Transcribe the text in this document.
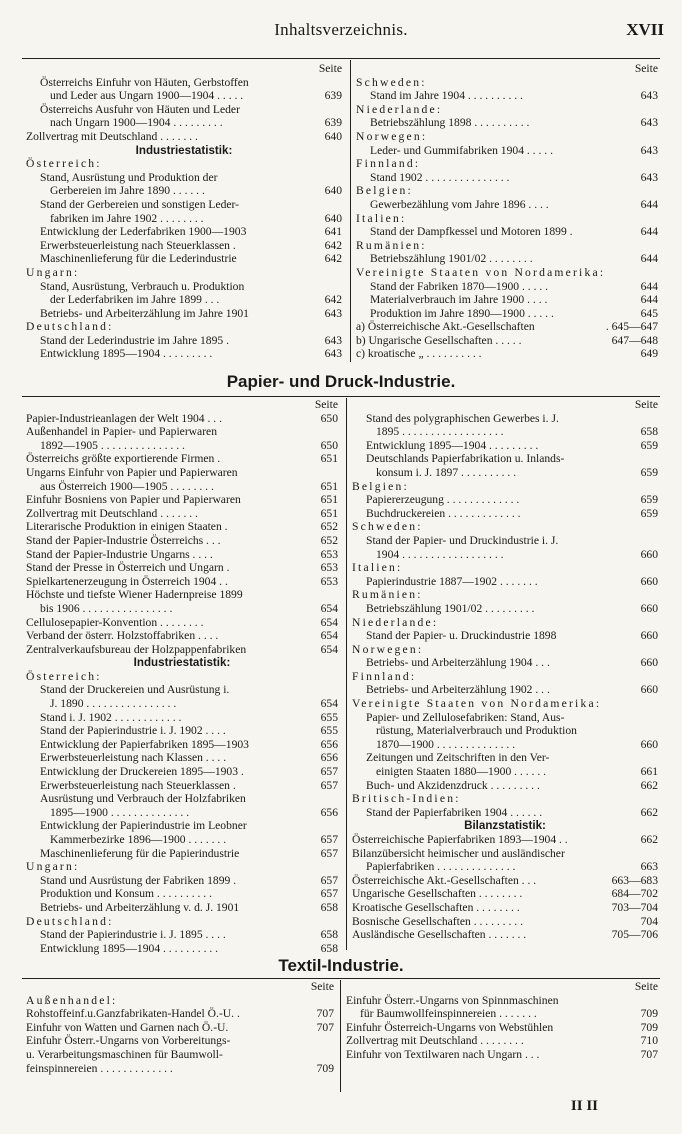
Inhaltsverzeichnis.	XVII
Seite
Österreichs Einfuhr von Häuten, Gerbstoffen
und Leder aus Ungarn 1900—1904 . . . . .	639
Österreichs Ausfuhr von Häuten und Leder
nach Ungarn 1900—1904 . . . . . . . . .	639
Zollvertrag mit Deutschland . . . . . . .	640
Industriestatistik:
Österreich:
Stand, Ausrüstung und Produktion der
Gerbereien im Jahre 1890 . . . . . .	640
Stand der Gerbereien und sonstigen Leder-
fabriken im Jahre 1902 . . . . . . . .	640
Entwicklung der Lederfabriken 1900—1903	641
Erwerbsteuerleistung nach Steuerklassen .	642
Maschinenlieferung für die Lederindustrie	642
Ungarn:
Stand, Ausrüstung, Verbrauch u. Produktion
der Lederfabriken im Jahre 1899 . . .	642
Betriebs- und Arbeiterzählung im Jahre 1901	643
Deutschland:
Stand der Lederindustrie im Jahre 1895 .	643
Entwicklung 1895—1904 . . . . . . . . .	643
Seite
Schweden:
Stand im Jahre 1904 . . . . . . . . . .	643
Niederlande:
Betriebszählung 1898 . . . . . . . . . .	643
Norwegen:
Leder- und Gummifabriken 1904 . . . . .	643
Finnland:
Stand 1902 . . . . . . . . . . . . . . .	643
Belgien:
Gewerbezählung vom Jahre 1896 . . . .	644
Italien:
Stand der Dampfkessel und Motoren 1899 .	644
Rumänien:
Betriebszählung 1901/02 . . . . . . . .	644
Vereinigte Staaten von Nordamerika:
Stand der Fabriken 1870—1900 . . . . .	644
Materialverbrauch im Jahre 1900 . . . .	644
Produktion im Jahre 1890—1900 . . . . .	645
a) Österreichische Akt.-Gesellschaften	. 645—647
b) Ungarische Gesellschaften . . . . .	647—648
c) kroatische „ . . . . . . . . . .	649
Papier- und Druck-Industrie.
Seite
Papier-Industrieanlagen der Welt 1904 . . .	650
Außenhandel in Papier- und Papierwaren
1892—1905 . . . . . . . . . . . . . . .	650
Österreichs größte exportierende Firmen .	651
Ungarns Einfuhr von Papier und Papierwaren
aus Österreich 1900—1905 . . . . . . . .	651
Einfuhr Bosniens von Papier und Papierwaren	651
Zollvertrag mit Deutschland . . . . . . .	651
Literarische Produktion in einigen Staaten .	652
Stand der Papier-Industrie Österreichs . . .	652
Stand der Papier-Industrie Ungarns . . . .	653
Stand der Presse in Österreich und Ungarn .	653
Spielkartenerzeugung in Österreich 1904 . .	653
Höchste und tiefste Wiener Hadernpreise 1899
bis 1906 . . . . . . . . . . . . . . . .	654
Cellulosepapier-Konvention . . . . . . . .	654
Verband der österr. Holzstoffabriken . . . .	654
Zentralverkaufsbureau der Holzpappenfabriken	654
Industriestatistik:
Österreich:
Stand der Druckereien und Ausrüstung i.
J. 1890 . . . . . . . . . . . . . . . .	654
Stand i. J. 1902 . . . . . . . . . . . .	655
Stand der Papierindustrie i. J. 1902 . . . .	655
Entwicklung der Papierfabriken 1895—1903	656
Erwerbsteuerleistung nach Klassen . . . .	656
Entwicklung der Druckereien 1895—1903 .	657
Erwerbsteuerleistung nach Steuerklassen .	657
Ausrüstung und Verbrauch der Holzfabriken
1895—1900 . . . . . . . . . . . . . .	656
Entwicklung der Papierindustrie im Leobner
Kammerbezirke 1896—1900 . . . . . . .	657
Maschinenlieferung für die Papierindustrie	657
Ungarn:
Stand und Ausrüstung der Fabriken 1899 .	657
Produktion und Konsum . . . . . . . . . .	657
Betriebs- und Arbeiterzählung v. d. J. 1901	658
Deutschland:
Stand der Papierindustrie i. J. 1895 . . . .	658
Entwicklung 1895—1904 . . . . . . . . . .	658
Seite
Stand des polygraphischen Gewerbes i. J.
1895 . . . . . . . . . . . . . . . . . .	658
Entwicklung 1895—1904 . . . . . . . . .	659
Deutschlands Papierfabrikation u. Inlands-
konsum i. J. 1897 . . . . . . . . . .	659
Belgien:
Papiererzeugung . . . . . . . . . . . . .	659
Buchdruckereien . . . . . . . . . . . . .	659
Schweden:
Stand der Papier- und Druckindustrie i. J.
1904 . . . . . . . . . . . . . . . . . .	660
Italien:
Papierindustrie 1887—1902 . . . . . . .	660
Rumänien:
Betriebszählung 1901/02 . . . . . . . . .	660
Niederlande:
Stand der Papier- u. Druckindustrie 1898	660
Norwegen:
Betriebs- und Arbeiterzählung 1904 . . .	660
Finnland:
Betriebs- und Arbeiterzählung 1902 . . .	660
Vereinigte Staaten von Nordamerika:
Papier- und Zellulosefabriken: Stand, Aus-
rüstung, Materialverbrauch und Produktion
1870—1900 . . . . . . . . . . . . . .	660
Zeitungen und Zeitschriften in den Ver-
einigten Staaten 1880—1900 . . . . . .	661
Buch- und Akzidenzdruck . . . . . . . . .	662
Britisch-Indien:
Stand der Papierfabriken 1904 . . . . . .	662
Bilanzstatistik:
Österreichische Papierfabriken 1893—1904 . .	662
Bilanzübersicht heimischer und ausländischer
Papierfabriken . . . . . . . . . . . . . .	663
Österreichische Akt.-Gesellschaften . . .	663—683
Ungarische Gesellschaften . . . . . . . .	684—702
Kroatische Gesellschaften . . . . . . . .	703—704
Bosnische Gesellschaften . . . . . . . . .	704
Ausländische Gesellschaften . . . . . . .	705—706
Textil-Industrie.
Seite
Außenhandel:
Rohstoffeinf.u.Ganzfabrikaten-Handel Ö.-U. .	707
Einfuhr von Watten und Garnen nach Ö.-U.	707
Einfuhr Österr.-Ungarns von Vorbereitungs-
u. Verarbeitungsmaschinen für Baumwoll-
feinspinnereien . . . . . . . . . . . . .	709
Seite
Einfuhr Österr.-Ungarns von Spinnmaschinen
für Baumwollfeinspinnereien . . . . . . .	709
Einfuhr Österreich-Ungarns von Webstühlen	709
Zollvertrag mit Deutschland . . . . . . . .	710
Einfuhr von Textilwaren nach Ungarn . . .	707
II II
